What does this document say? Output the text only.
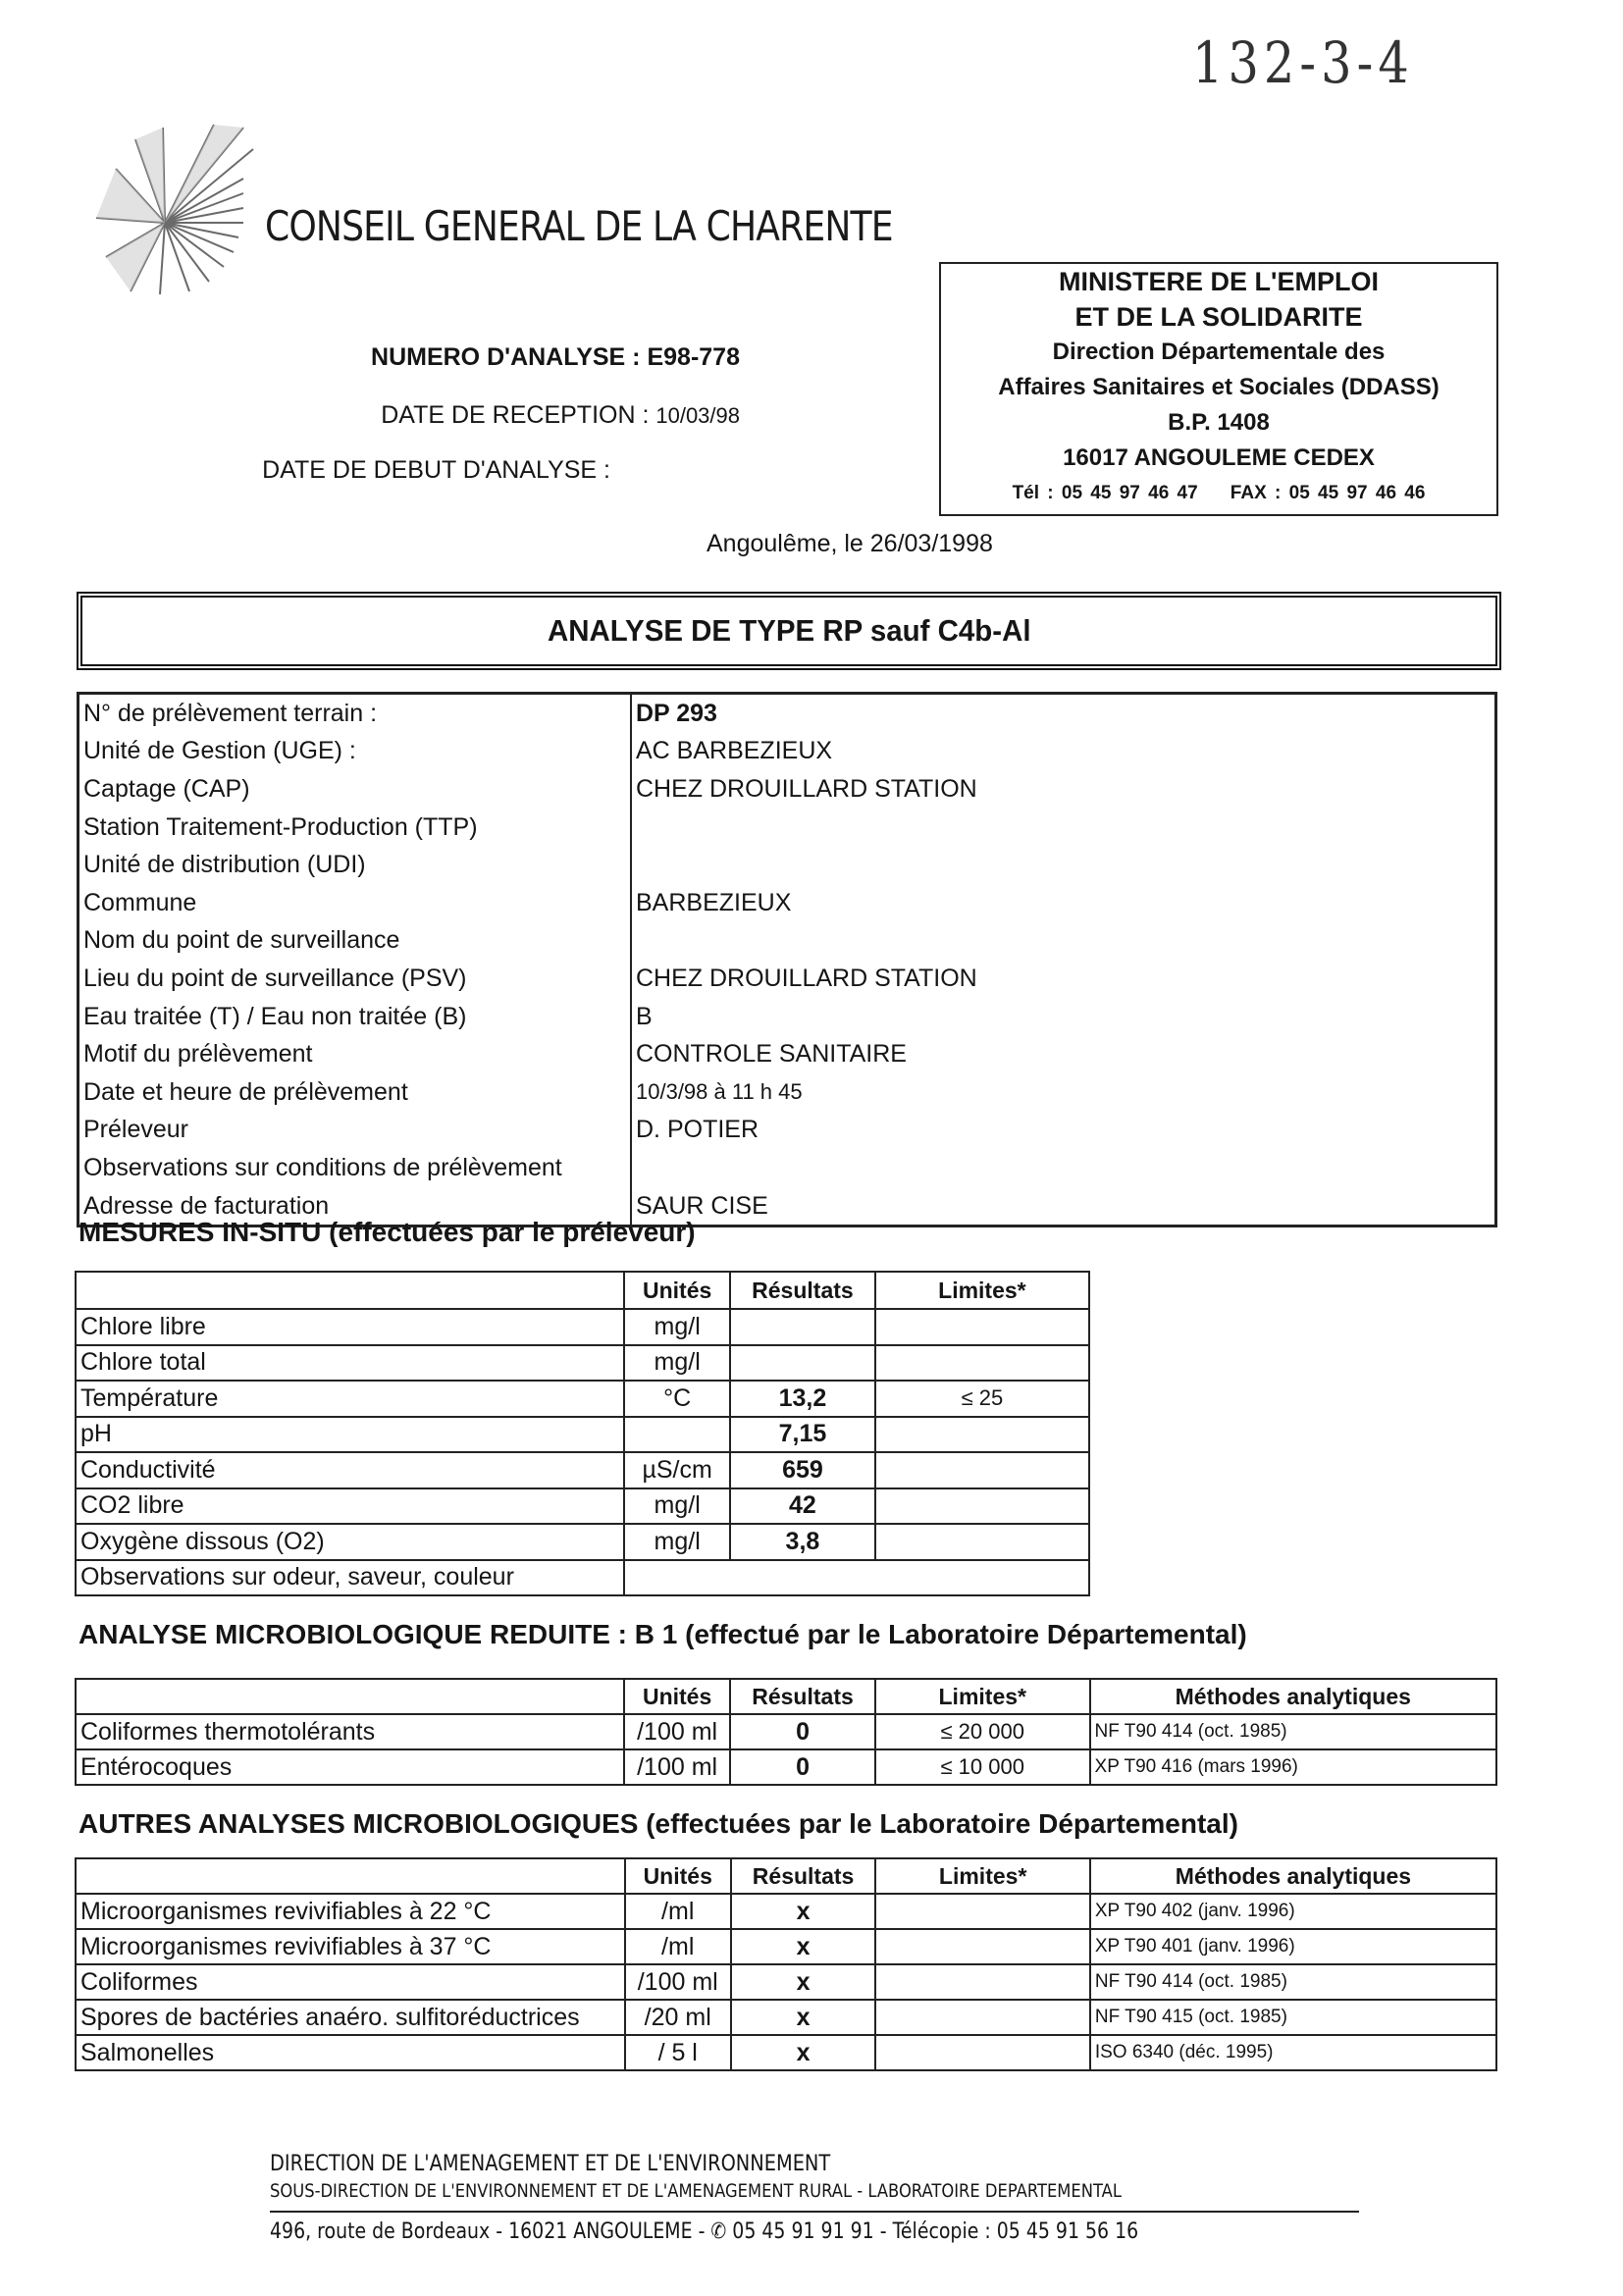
132-3-4
CONSEIL GENERAL DE LA CHARENTE
NUMERO D'ANALYSE : E98-778
DATE DE RECEPTION : 10/03/98
DATE DE DEBUT D'ANALYSE :
MINISTERE DE L'EMPLOI
ET DE LA SOLIDARITE
Direction Départementale des
Affaires Sanitaires et Sociales (DDASS)
B.P. 1408
16017 ANGOULEME CEDEX
Tél : 05 45 97 46 47    FAX : 05 45 97 46 46
Angoulême, le 26/03/1998
ANALYSE DE TYPE RP sauf C4b-Al
N° de prélèvement terrain :	DP 293
Unité de Gestion (UGE) :	AC BARBEZIEUX
Captage (CAP)	CHEZ DROUILLARD STATION
Station Traitement-Production (TTP)	
Unité de distribution (UDI)	
Commune	BARBEZIEUX
Nom du point de surveillance	
Lieu du point de surveillance (PSV)	CHEZ DROUILLARD STATION
Eau traitée (T) / Eau non traitée (B)	B
Motif du prélèvement	CONTROLE SANITAIRE
Date et heure de prélèvement	10/3/98 à 11 h 45
Préleveur	D. POTIER
Observations sur conditions de prélèvement	
Adresse de facturation	SAUR CISE
MESURES IN-SITU (effectuées par le préleveur)
	Unités	Résultats	Limites*
Chlore libre	mg/l		
Chlore total	mg/l		
Température	°C	13,2	≤ 25
pH		7,15	
Conductivité	µS/cm	659	
CO2 libre	mg/l	42	
Oxygène dissous (O2)	mg/l	3,8	
Observations sur odeur, saveur, couleur			
ANALYSE MICROBIOLOGIQUE REDUITE : B 1 (effectué par le Laboratoire Départemental)
	Unités	Résultats	Limites*	Méthodes analytiques
Coliformes thermotolérants	/100 ml	0	≤ 20 000	NF T90 414 (oct. 1985)
Entérocoques	/100 ml	0	≤ 10 000	XP T90 416 (mars 1996)
AUTRES ANALYSES MICROBIOLOGIQUES (effectuées par le Laboratoire Départemental)
	Unités	Résultats	Limites*	Méthodes analytiques
Microorganismes revivifiables à 22 °C	/ml	x		XP T90 402 (janv. 1996)
Microorganismes revivifiables à 37 °C	/ml	x		XP T90 401 (janv. 1996)
Coliformes	/100 ml	x		NF T90 414 (oct. 1985)
Spores de bactéries anaéro. sulfitoréductrices	/20 ml	x		NF T90 415 (oct. 1985)
Salmonelles	/ 5 l	x		ISO 6340 (déc. 1995)
DIRECTION DE L'AMENAGEMENT ET DE L'ENVIRONNEMENT
SOUS-DIRECTION DE L'ENVIRONNEMENT ET DE L'AMENAGEMENT RURAL - LABORATOIRE DEPARTEMENTAL
496, route de Bordeaux - 16021 ANGOULEME - ✆ 05 45 91 91 91 - Télécopie : 05 45 91 56 16
